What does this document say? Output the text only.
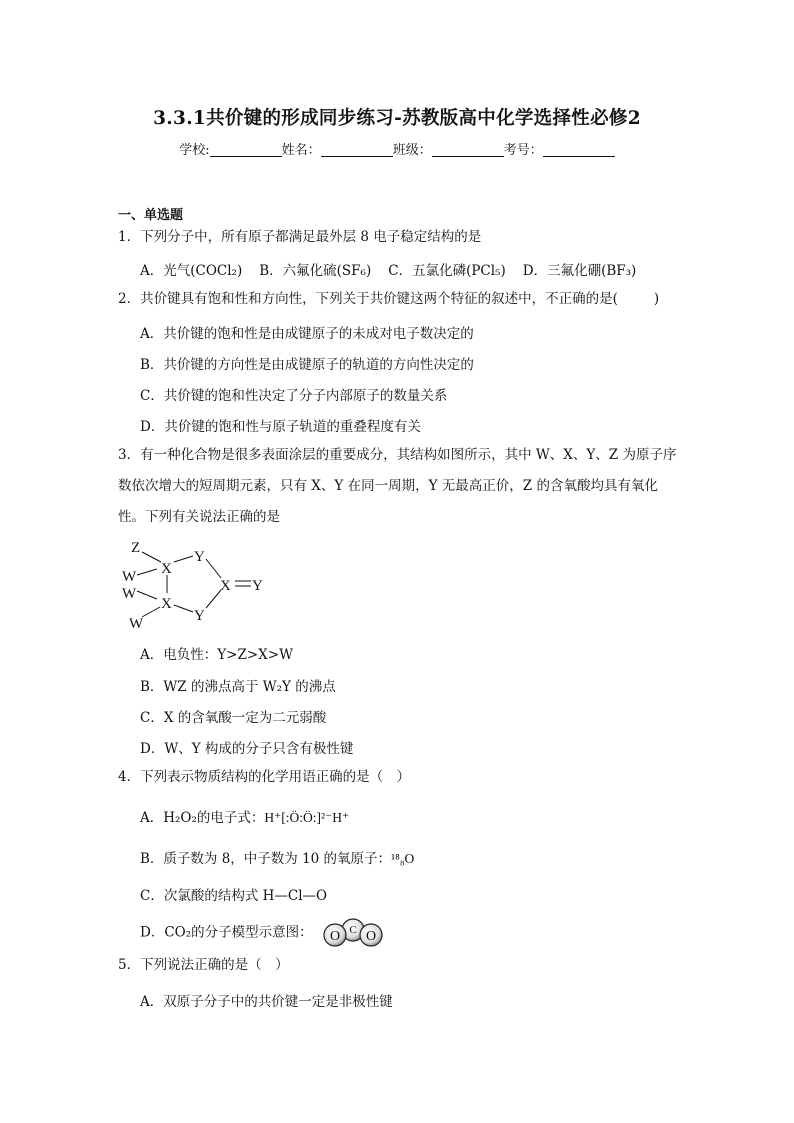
3.3.1共价键的形成同步练习-苏教版高中化学选择性必修2
学校:	姓名：	班级：	考号：
一、单选题
1．下列分子中，所有原子都满足最外层 8 电子稳定结构的是
A．光气(COCl₂) B．六氟化硫(SF₆) C．五氯化磷(PCl₅) D．三氟化硼(BF₃)
2．共价键具有饱和性和方向性，下列关于共价键这两个特征的叙述中，不正确的是(	)
A．共价键的饱和性是由成键原子的未成对电子数决定的
B．共价键的方向性是由成键原子的轨道的方向性决定的
C．共价键的饱和性决定了分子内部原子的数量关系
D．共价键的饱和性与原子轨道的重叠程度有关
3．有一种化合物是很多表面涂层的重要成分，其结构如图所示，其中 W、X、Y、Z 为原子序数依次增大的短周期元素，只有 X、Y 在同一周期，Y 无最高正价，Z 的含氧酸均具有氧化性。下列有关说法正确的是
Z
X
X
Y
Y
X Y
W
W
W
A．电负性：Y>Z>X>W
B．WZ 的沸点高于 W₂Y 的沸点
C．X 的含氧酸一定为二元弱酸
D．W、Y 构成的分子只含有极性键
4．下列表示物质结构的化学用语正确的是（　）
A．H₂O₂的电子式：H⁺[:Ö:Ö:]²⁻H⁺
B．质子数为 8，中子数为 10 的氧原子：¹⁸₈O
C．次氯酸的结构式 H—Cl—O
D．CO₂的分子模型示意图：	C
O O
5．下列说法正确的是（　）
A．双原子分子中的共价键一定是非极性键
